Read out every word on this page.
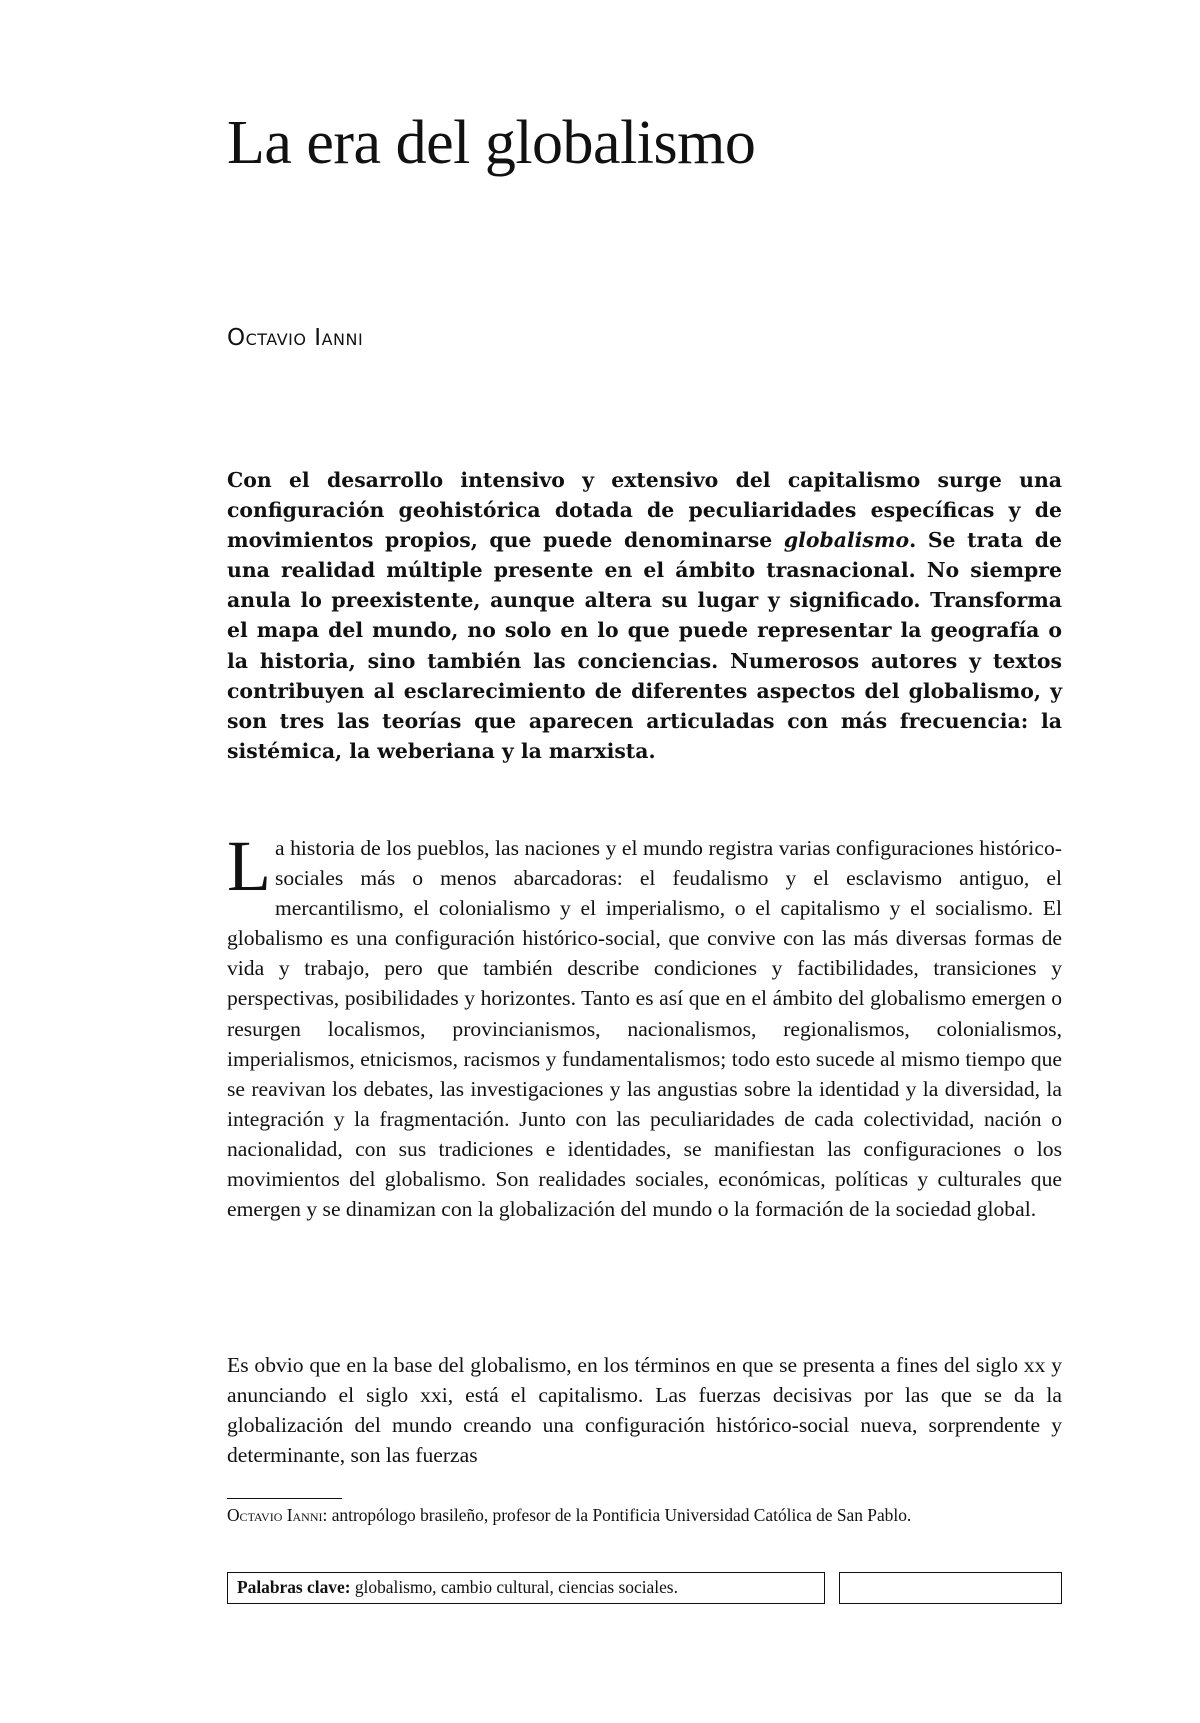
La era del globalismo

Octavio Ianni

Con el desarrollo intensivo y extensivo del capitalismo surge una configuración geohistórica dotada de peculiaridades específicas y de movimientos propios, que puede denominarse globalismo. Se trata de una realidad múltiple presente en el ámbito trasnacional. No siempre anula lo preexistente, aunque altera su lugar y significado. Transforma el mapa del mundo, no solo en lo que puede representar la geografía o la historia, sino también las conciencias. Numerosos autores y textos contribuyen al esclarecimiento de diferentes aspectos del globalismo, y son tres las teorías que aparecen articuladas con más frecuencia: la sistémica, la weberiana y la marxista.

La historia de los pueblos, las naciones y el mundo registra varias configuraciones histórico-sociales más o menos abarcadoras: el feudalismo y el esclavismo antiguo, el mercantilismo, el colonialismo y el imperialismo, o el capitalismo y el socialismo. El globalismo es una configuración histórico-social, que convive con las más diversas formas de vida y trabajo, pero que también describe condiciones y factibilidades, transiciones y perspectivas, posibilidades y horizontes. Tanto es así que en el ámbito del globalismo emergen o resurgen localismos, provincianismos, nacionalismos, regionalismos, colonialismos, imperialismos, etnicismos, racismos y fundamentalismos; todo esto sucede al mismo tiempo que se reavivan los debates, las investigaciones y las angustias sobre la identidad y la diversidad, la integración y la fragmentación. Junto con las peculiaridades de cada colectividad, nación o nacionalidad, con sus tradiciones e identidades, se manifiestan las configuraciones o los movimientos del globalismo. Son realidades sociales, económicas, políticas y culturales que emergen y se dinamizan con la globalización del mundo o la formación de la sociedad global.

Es obvio que en la base del globalismo, en los términos en que se presenta a fines del siglo xx y anunciando el siglo xxi, está el capitalismo. Las fuerzas decisivas por las que se da la globalización del mundo creando una configuración histórico-social nueva, sorprendente y determinante, son las fuerzas

Octavio Ianni: antropólogo brasileño, profesor de la Pontificia Universidad Católica de San Pablo.

Palabras clave: globalismo, cambio cultural, ciencias sociales.
